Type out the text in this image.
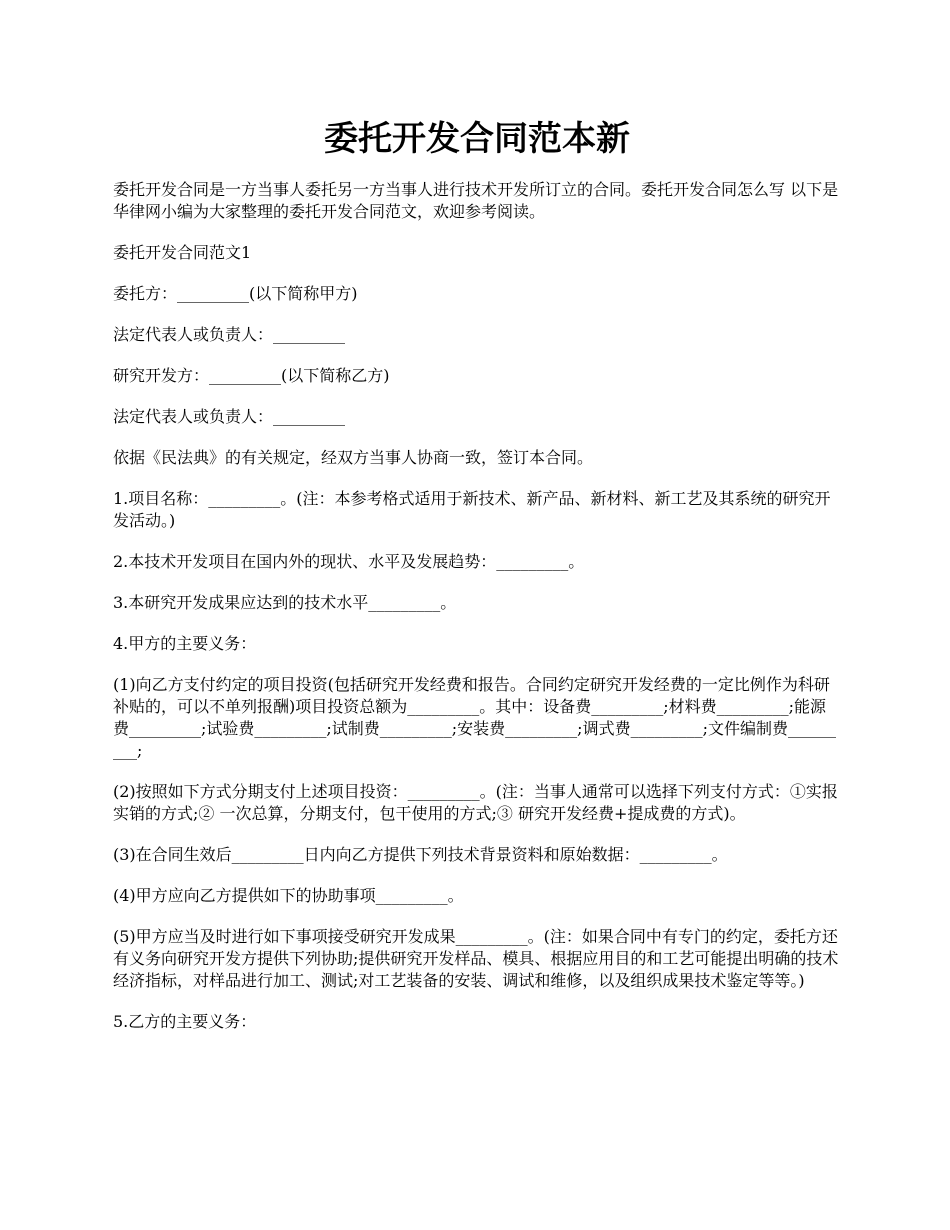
委托开发合同范本新

委托开发合同是一方当事人委托另一方当事人进行技术开发所订立的合同。委托开发合同怎么写 以下是华律网小编为大家整理的委托开发合同范文，欢迎参考阅读。

委托开发合同范文1

委托方：_________(以下简称甲方)

法定代表人或负责人：_________

研究开发方：_________(以下简称乙方)

法定代表人或负责人：_________

依据《民法典》的有关规定，经双方当事人协商一致，签订本合同。

1.项目名称：_________。(注：本参考格式适用于新技术、新产品、新材料、新工艺及其系统的研究开发活动。)

2.本技术开发项目在国内外的现状、水平及发展趋势：_________。

3.本研究开发成果应达到的技术水平_________。

4.甲方的主要义务：

(1)向乙方支付约定的项目投资(包括研究开发经费和报告。合同约定研究开发经费的一定比例作为科研补贴的，可以不单列报酬)项目投资总额为_________。其中：设备费_________;材料费_________;能源费_________;试验费_________;试制费_________;安装费_________;调式费_________;文件编制费_________;

(2)按照如下方式分期支付上述项目投资：_________。(注：当事人通常可以选择下列支付方式：①实报实销的方式;② 一次总算，分期支付，包干使用的方式;③ 研究开发经费+提成费的方式)。

(3)在合同生效后_________日内向乙方提供下列技术背景资料和原始数据：_________。

(4)甲方应向乙方提供如下的协助事项_________。

(5)甲方应当及时进行如下事项接受研究开发成果_________。(注：如果合同中有专门的约定，委托方还有义务向研究开发方提供下列协助;提供研究开发样品、模具、根据应用目的和工艺可能提出明确的技术经济指标，对样品进行加工、测试;对工艺装备的安装、调试和维修，以及组织成果技术鉴定等等。)

5.乙方的主要义务：
